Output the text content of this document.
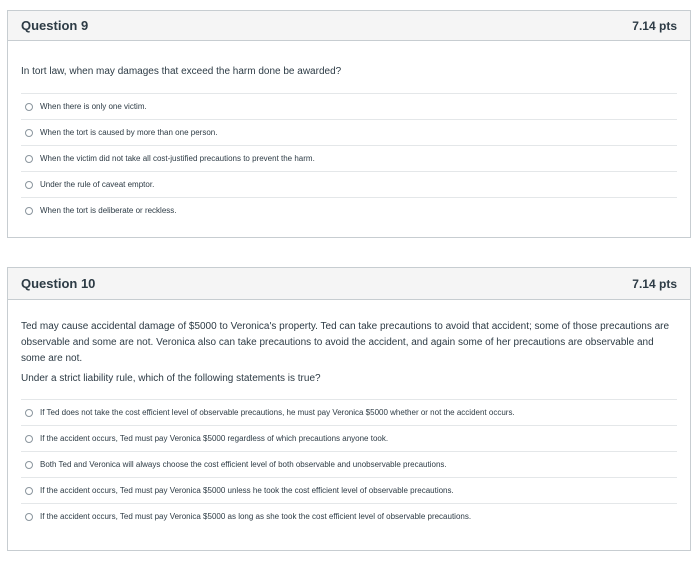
Question 9	7.14 pts

In tort law, when may damages that exceed the harm done be awarded?

When there is only one victim.
When the tort is caused by more than one person.
When the victim did not take all cost-justified precautions to prevent the harm.
Under the rule of caveat emptor.
When the tort is deliberate or reckless.
Question 10	7.14 pts

Ted may cause accidental damage of $5000 to Veronica's property. Ted can take precautions to avoid that accident; some of those precautions are observable and some are not. Veronica also can take precautions to avoid the accident, and again some of her precautions are observable and some are not.

Under a strict liability rule, which of the following statements is true?

If Ted does not take the cost efficient level of observable precautions, he must pay Veronica $5000 whether or not the accident occurs.
If the accident occurs, Ted must pay Veronica $5000 regardless of which precautions anyone took.
Both Ted and Veronica will always choose the cost efficient level of both observable and unobservable precautions.
If the accident occurs, Ted must pay Veronica $5000 unless he took the cost efficient level of observable precautions.
If the accident occurs, Ted must pay Veronica $5000 as long as she took the cost efficient level of observable precautions.
